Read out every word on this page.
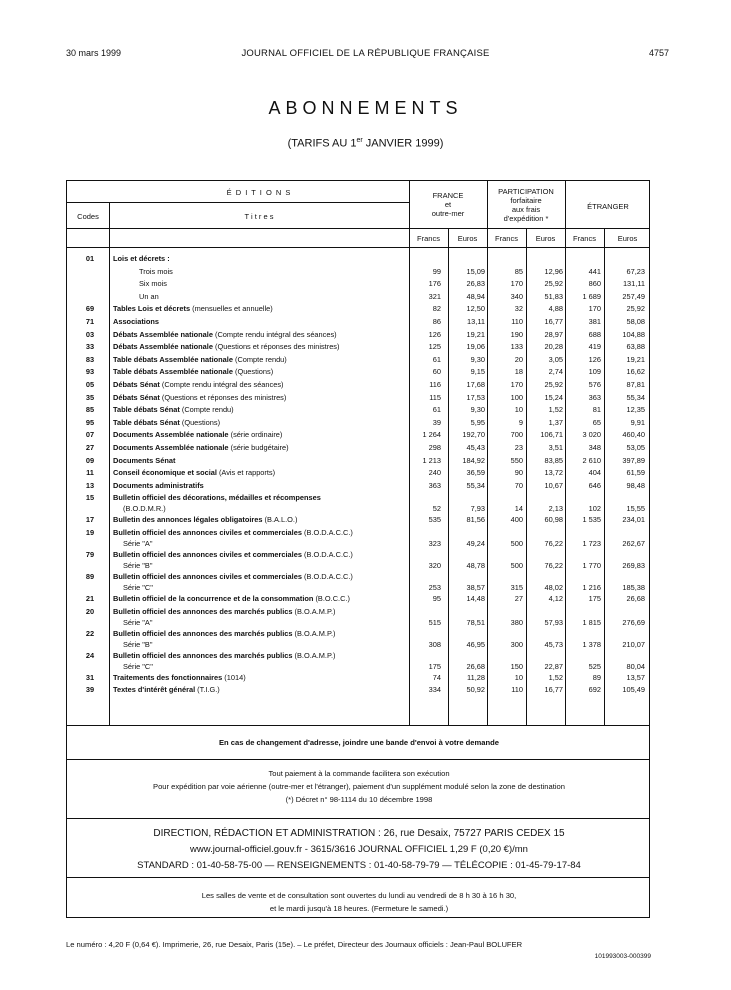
30 mars 1999	JOURNAL OFFICIEL DE LA RÉPUBLIQUE FRANÇAISE	4757
ABONNEMENTS
(TARIFS AU 1er JANVIER 1999)
É D I T I O N S
Codes	T i t r e s
FRANCE
et
outre-mer
PARTICIPATION
forfaitaire
aux frais
d'expédition *
ÉTRANGER
Francs	Euros	Francs	Euros	Francs	Euros
01	Lois et décrets :
Trois mois	99	15,09	85	12,96	441	67,23
Six mois	176	26,83	170	25,92	860	131,11
Un an	321	48,94	340	51,83	1 689	257,49
69	Tables Lois et décrets (mensuelles et annuelle)	82	12,50	32	4,88	170	25,92
71	Associations	86	13,11	110	16,77	381	58,08
03	Débats Assemblée nationale (Compte rendu intégral des séances)	126	19,21	190	28,97	688	104,88
33	Débats Assemblée nationale (Questions et réponses des ministres)	125	19,06	133	20,28	419	63,88
83	Table débats Assemblée nationale (Compte rendu)	61	9,30	20	3,05	126	19,21
93	Table débats Assemblée nationale (Questions)	60	9,15	18	2,74	109	16,62
05	Débats Sénat (Compte rendu intégral des séances)	116	17,68	170	25,92	576	87,81
35	Débats Sénat (Questions et réponses des ministres)	115	17,53	100	15,24	363	55,34
85	Table débats Sénat (Compte rendu)	61	9,30	10	1,52	81	12,35
95	Table débats Sénat (Questions)	39	5,95	9	1,37	65	9,91
07	Documents Assemblée nationale (série ordinaire)	1 264	192,70	700	106,71	3 020	460,40
27	Documents Assemblée nationale (série budgétaire)	298	45,43	23	3,51	348	53,05
09	Documents Sénat	1 213	184,92	550	83,85	2 610	397,89
11	Conseil économique et social (Avis et rapports)	240	36,59	90	13,72	404	61,59
13	Documents administratifs	363	55,34	70	10,67	646	98,48
15	Bulletin officiel des décorations, médailles et récompenses
(B.O.D.M.R.)	52	7,93	14	2,13	102	15,55
17	Bulletin des annonces légales obligatoires (B.A.L.O.)	535	81,56	400	60,98	1 535	234,01
19	Bulletin officiel des annonces civiles et commerciales (B.O.D.A.C.C.)
Série "A"	323	49,24	500	76,22	1 723	262,67
79	Bulletin officiel des annonces civiles et commerciales (B.O.D.A.C.C.)
Série "B"	320	48,78	500	76,22	1 770	269,83
89	Bulletin officiel des annonces civiles et commerciales (B.O.D.A.C.C.)
Série "C"	253	38,57	315	48,02	1 216	185,38
21	Bulletin officiel de la concurrence et de la consommation (B.O.C.C.)	95	14,48	27	4,12	175	26,68
20	Bulletin officiel des annonces des marchés publics (B.O.A.M.P.)
Série "A"	515	78,51	380	57,93	1 815	276,69
22	Bulletin officiel des annonces des marchés publics (B.O.A.M.P.)
Série "B"	308	46,95	300	45,73	1 378	210,07
24	Bulletin officiel des annonces des marchés publics (B.O.A.M.P.)
Série "C"	175	26,68	150	22,87	525	80,04
31	Traitements des fonctionnaires (1014)	74	11,28	10	1,52	89	13,57
39	Textes d'intérêt général (T.I.G.)	334	50,92	110	16,77	692	105,49
En cas de changement d'adresse, joindre une bande d'envoi à votre demande
Tout paiement à la commande facilitera son exécution
Pour expédition par voie aérienne (outre-mer et l'étranger), paiement d'un supplément modulé selon la zone de destination
(*) Décret n° 98-1114 du 10 décembre 1998
DIRECTION, RÉDACTION ET ADMINISTRATION : 26, rue Desaix, 75727 PARIS CEDEX 15
www.journal-officiel.gouv.fr - 3615/3616 JOURNAL OFFICIEL 1,29 F (0,20 €)/mn
STANDARD : 01-40-58-75-00 — RENSEIGNEMENTS : 01-40-58-79-79 — TÉLÉCOPIE : 01-45-79-17-84
Les salles de vente et de consultation sont ouvertes du lundi au vendredi de 8 h 30 à 16 h 30,
et le mardi jusqu'à 18 heures. (Fermeture le samedi.)
Le numéro : 4,20 F (0,64 €). Imprimerie, 26, rue Desaix, Paris (15e). – Le préfet, Directeur des Journaux officiels : Jean-Paul BOLUFER
101993003-000399
